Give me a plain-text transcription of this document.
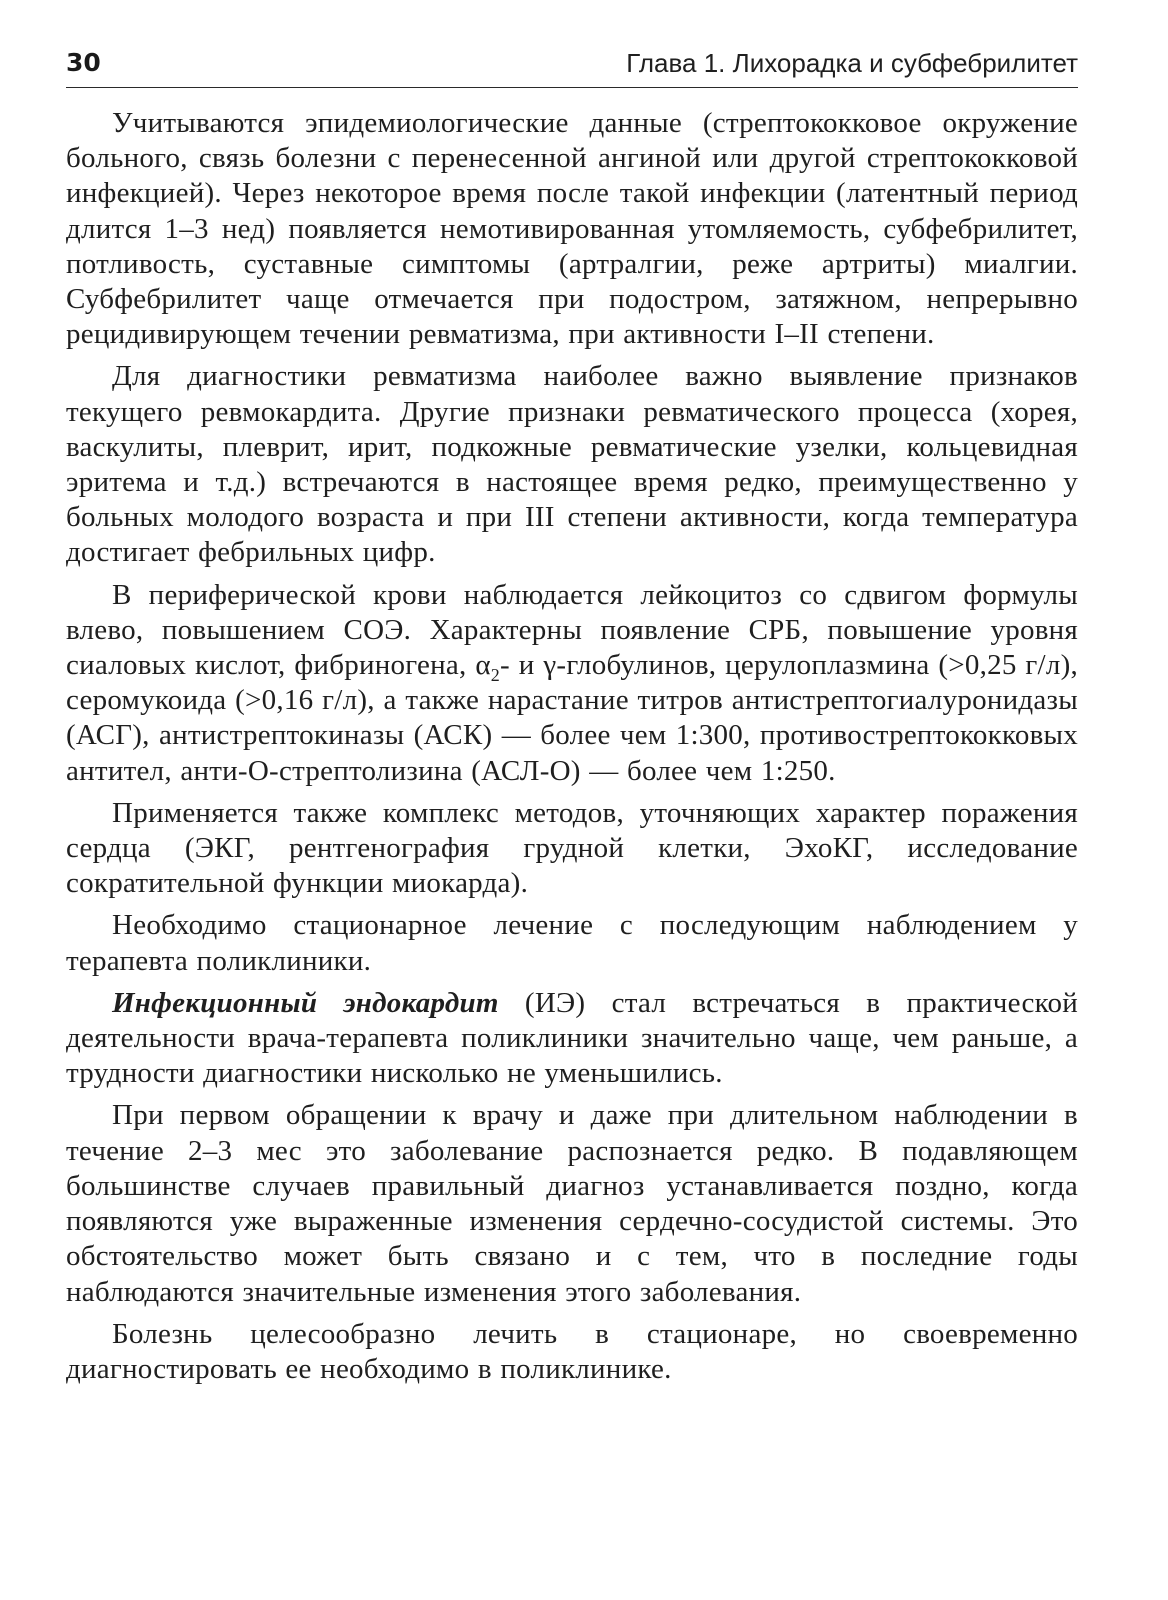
30	Глава 1. Лихорадка и субфебрилитет

Учитываются эпидемиологические данные (стрептококковое окружение больного, связь болезни с перенесенной ангиной или другой стрептококковой инфекцией). Через некоторое время после такой инфекции (латентный период длится 1–3 нед) появляется немотивированная утомляемость, субфебрилитет, потливость, суставные симптомы (артралгии, реже артриты) миалгии. Субфебрилитет чаще отмечается при подостром, затяжном, непрерывно рецидивирующем течении ревматизма, при активности I–II степени.

Для диагностики ревматизма наиболее важно выявление признаков текущего ревмокардита. Другие признаки ревматического процесса (хорея, васкулиты, плеврит, ирит, подкожные ревматические узелки, кольцевидная эритема и т.д.) встречаются в настоящее время редко, преимущественно у больных молодого возраста и при III степени активности, когда температура достигает фебрильных цифр.

В периферической крови наблюдается лейкоцитоз со сдвигом формулы влево, повышением СОЭ. Характерны появление СРБ, повышение уровня сиаловых кислот, фибриногена, $\alpha_2-$ и γ-глобулинов, церулоплазмина (>0,25 г/л), серомукоида (>0,16 г/л), а также нарастание титров антистрептогиалуронидазы (АСГ), антистрептокиназы (АСК) — более чем 1:300, противострептококковых антител, анти-О-стрептолизина (АСЛ-О) — более чем 1:250.

Применяется также комплекс методов, уточняющих характер поражения сердца (ЭКГ, рентгенография грудной клетки, ЭхоКГ, исследование сократительной функции миокарда).

Необходимо стационарное лечение с последующим наблюдением у терапевта поликлиники.

Инфекционный эндокардит (ИЭ) стал встречаться в практической деятельности врача-терапевта поликлиники значительно чаще, чем раньше, а трудности диагностики нисколько не уменьшились.

При первом обращении к врачу и даже при длительном наблюдении в течение 2–3 мес это заболевание распознается редко. В подавляющем большинстве случаев правильный диагноз устанавливается поздно, когда появляются уже выраженные изменения сердечно-сосудистой системы. Это обстоятельство может быть связано и с тем, что в последние годы наблюдаются значительные изменения этого заболевания.

Болезнь целесообразно лечить в стационаре, но своевременно диагностировать ее необходимо в поликлинике.
